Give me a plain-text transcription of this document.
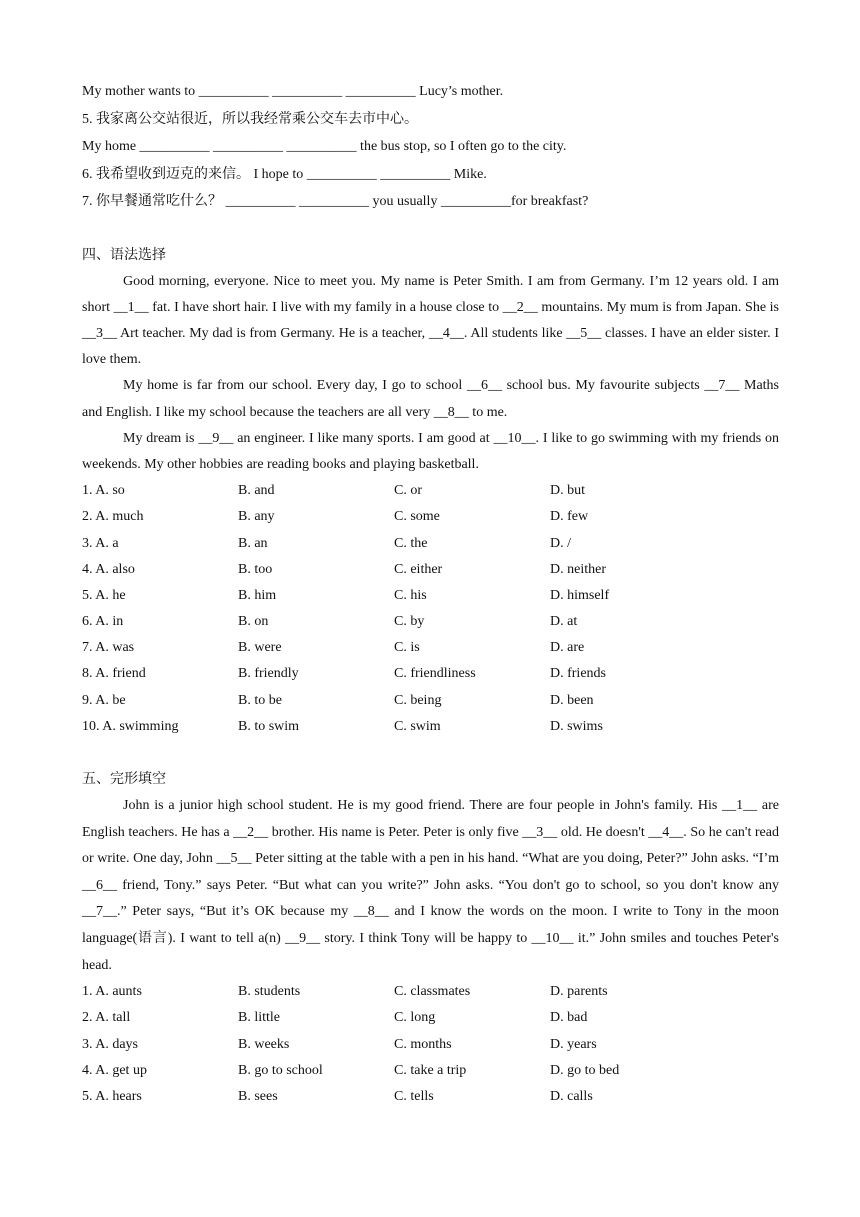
My mother wants to __________ __________ __________ Lucy’s mother.
5. 我家离公交站很近，所以我经常乘公交车去市中心。
My home __________ __________ __________ the bus stop, so I often go to the city.
6. 我希望收到迈克的来信。 I hope to __________ __________ Mike.
7. 你早餐通常吃什么？ __________ __________ you usually __________for breakfast?
四、语法选择
Good morning, everyone. Nice to meet you. My name is Peter Smith. I am from Germany. I’m 12 years old. I am short __1__ fat. I have short hair. I live with my family in a house close to __2__ mountains. My mum is from Japan. She is __3__ Art teacher. My dad is from Germany. He is a teacher, __4__. All students like __5__ classes. I have an elder sister. I love them.
My home is far from our school. Every day, I go to school __6__ school bus. My favourite subjects __7__ Maths and English. I like my school because the teachers are all very __8__ to me.
My dream is __9__ an engineer. I like many sports. I am good at __10__. I like to go swimming with my friends on weekends. My other hobbies are reading books and playing basketball.
1. A. so	B. and	C. or	D. but
2. A. much	B. any	C. some	D. few
3. A. a	B. an	C. the	D. /
4. A. also	B. too	C. either	D. neither
5. A. he	B. him	C. his	D. himself
6. A. in	B. on	C. by	D. at
7. A. was	B. were	C. is	D. are
8. A. friend	B. friendly	C. friendliness	D. friends
9. A. be	B. to be	C. being	D. been
10. A. swimming	B. to swim	C. swim	D. swims
五、完形填空
John is a junior high school student. He is my good friend. There are four people in John's family. His __1__ are English teachers. He has a __2__ brother. His name is Peter. Peter is only five __3__ old. He doesn't __4__. So he can't read or write. One day, John __5__ Peter sitting at the table with a pen in his hand. “What are you doing, Peter?” John asks. “I’m __6__ friend, Tony.” says Peter. “But what can you write?” John asks. “You don't go to school, so you don't know any __7__.” Peter says, “But it’s OK because my __8__ and I know the words on the moon. I write to Tony in the moon language(语言). I want to tell a(n) __9__ story. I think Tony will be happy to __10__ it.” John smiles and touches Peter's head.
1. A. aunts	B. students	C. classmates	D. parents
2. A. tall	B. little	C. long	D. bad
3. A. days	B. weeks	C. months	D. years
4. A. get up	B. go to school	C. take a trip	D. go to bed
5. A. hears	B. sees	C. tells	D. calls
